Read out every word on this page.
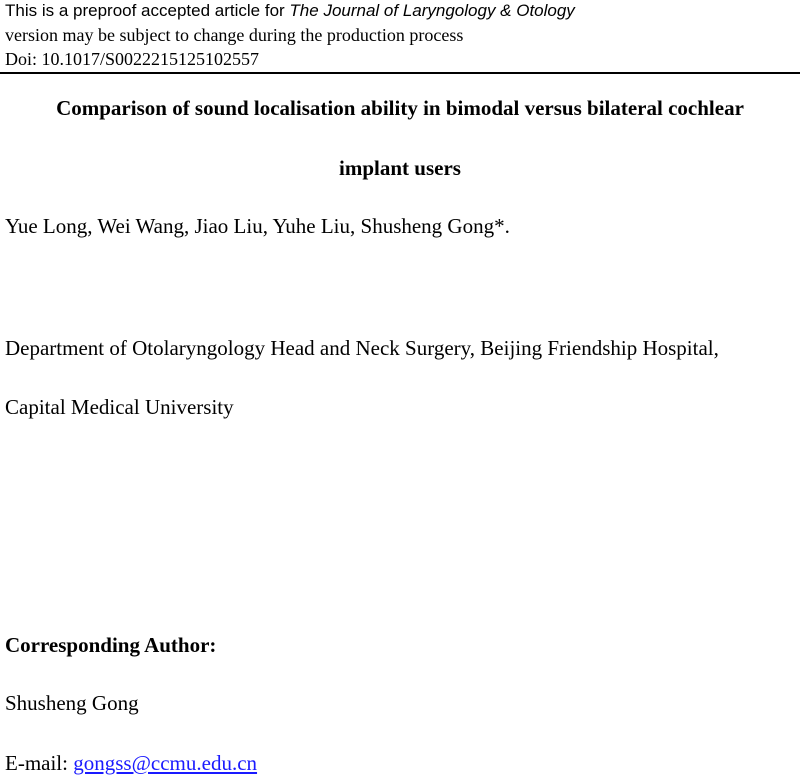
This is a preproof accepted article for The Journal of Laryngology & Otology
version may be subject to change during the production process
Doi: 10.1017/S0022215125102557
Comparison of sound localisation ability in bimodal versus bilateral cochlear
implant users
Yue Long, Wei Wang, Jiao Liu, Yuhe Liu, Shusheng Gong*.
Department of Otolaryngology Head and Neck Surgery, Beijing Friendship Hospital,
Capital Medical University
Corresponding Author:
Shusheng Gong
E-mail: gongss@ccmu.edu.cn
